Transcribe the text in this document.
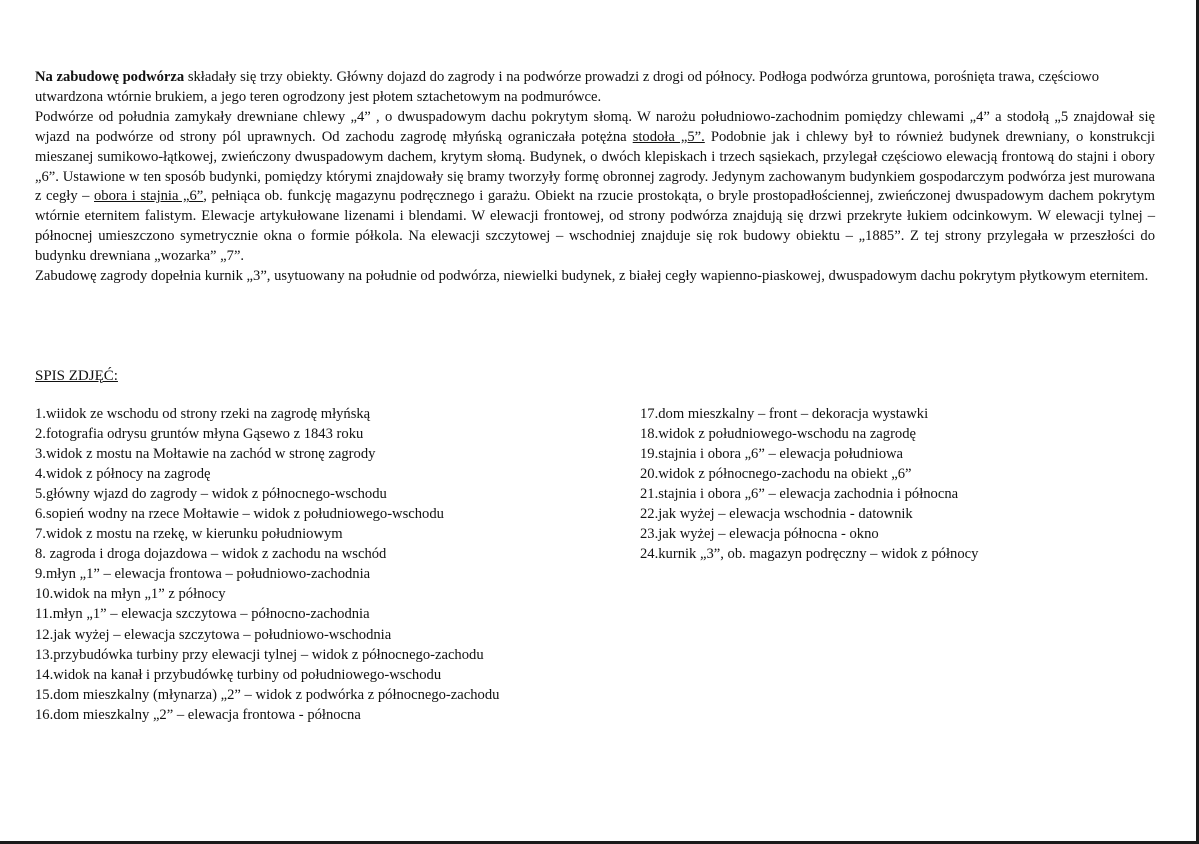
Na zabudowę podwórza składały się trzy obiekty. Główny dojazd do zagrody i na podwórze prowadzi z drogi od północy. Podłoga podwórza gruntowa, porośnięta trawa, częściowo utwardzona wtórnie brukiem, a jego teren ogrodzony jest płotem sztachetowym na podmurówce.

Podwórze od południa zamykały drewniane chlewy „4” , o dwuspadowym dachu pokrytym słomą. W narożu południowo-zachodnim pomiędzy chlewami „4” a stodołą „5 znajdował się wjazd na podwórze od strony pól uprawnych. Od zachodu zagrodę młyńską ograniczała potężna stodoła „5”. Podobnie jak i chlewy był to również budynek drewniany, o konstrukcji mieszanej sumikowo-łątkowej, zwieńczony dwuspadowym dachem, krytym słomą. Budynek, o dwóch klepiskach i trzech sąsiekach, przylegał częściowo elewacją frontową do stajni i obory „6”. Ustawione w ten sposób budynki, pomiędzy którymi znajdowały się bramy tworzyły formę obronnej zagrody. Jedynym zachowanym budynkiem gospodarczym podwórza jest murowana z cegły – obora i stajnia „6”, pełniąca ob. funkcję magazynu podręcznego i garażu. Obiekt na rzucie prostokąta, o bryle prostopadłościennej, zwieńczonej dwuspadowym dachem pokrytym wtórnie eternitem falistym. Elewacje artykułowane lizenami i blendami. W elewacji frontowej, od strony podwórza znajdują się drzwi przekryte łukiem odcinkowym. W elewacji tylnej – północnej umieszczono symetrycznie okna o formie półkola. Na elewacji szczytowej – wschodniej znajduje się rok budowy obiektu – „1885”. Z tej strony przylegała w przeszłości do budynku drewniana „wozarka” „7”.

Zabudowę zagrody dopełnia kurnik „3”, usytuowany na południe od podwórza, niewielki budynek, z białej cegły wapienno-piaskowej, dwuspadowym dachu pokrytym płytkowym eternitem.

SPIS ZDJĘĆ:
1.wiidok ze wschodu od strony rzeki na zagrodę młyńską
2.fotografia odrysu gruntów młyna Gąsewo z 1843 roku
3.widok z mostu na Mołtawie na zachód w stronę zagrody
4.widok z północy na zagrodę
5.główny wjazd do zagrody – widok z północnego-wschodu
6.sopień wodny na rzece Mołtawie – widok z południowego-wschodu
7.widok z mostu na rzekę, w kierunku południowym
8. zagroda i droga dojazdowa – widok z zachodu na wschód
9.młyn „1” – elewacja frontowa – południowo-zachodnia
10.widok na młyn „1” z północy
11.młyn „1” – elewacja szczytowa – północno-zachodnia
12.jak wyżej – elewacja szczytowa – południowo-wschodnia
13.przybudówka turbiny przy elewacji tylnej – widok z północnego-zachodu
14.widok na kanał i przybudówkę turbiny od południowego-wschodu
15.dom mieszkalny (młynarza) „2” – widok z podwórka z północnego-zachodu
16.dom mieszkalny „2” – elewacja frontowa - północna
17.dom mieszkalny – front – dekoracja wystawki
18.widok z południowego-wschodu na zagrodę
19.stajnia i obora „6” – elewacja południowa
20.widok z północnego-zachodu na obiekt „6”
21.stajnia i obora „6” – elewacja zachodnia i północna
22.jak wyżej – elewacja wschodnia - datownik
23.jak wyżej – elewacja północna - okno
24.kurnik „3”, ob. magazyn podręczny – widok z północy
